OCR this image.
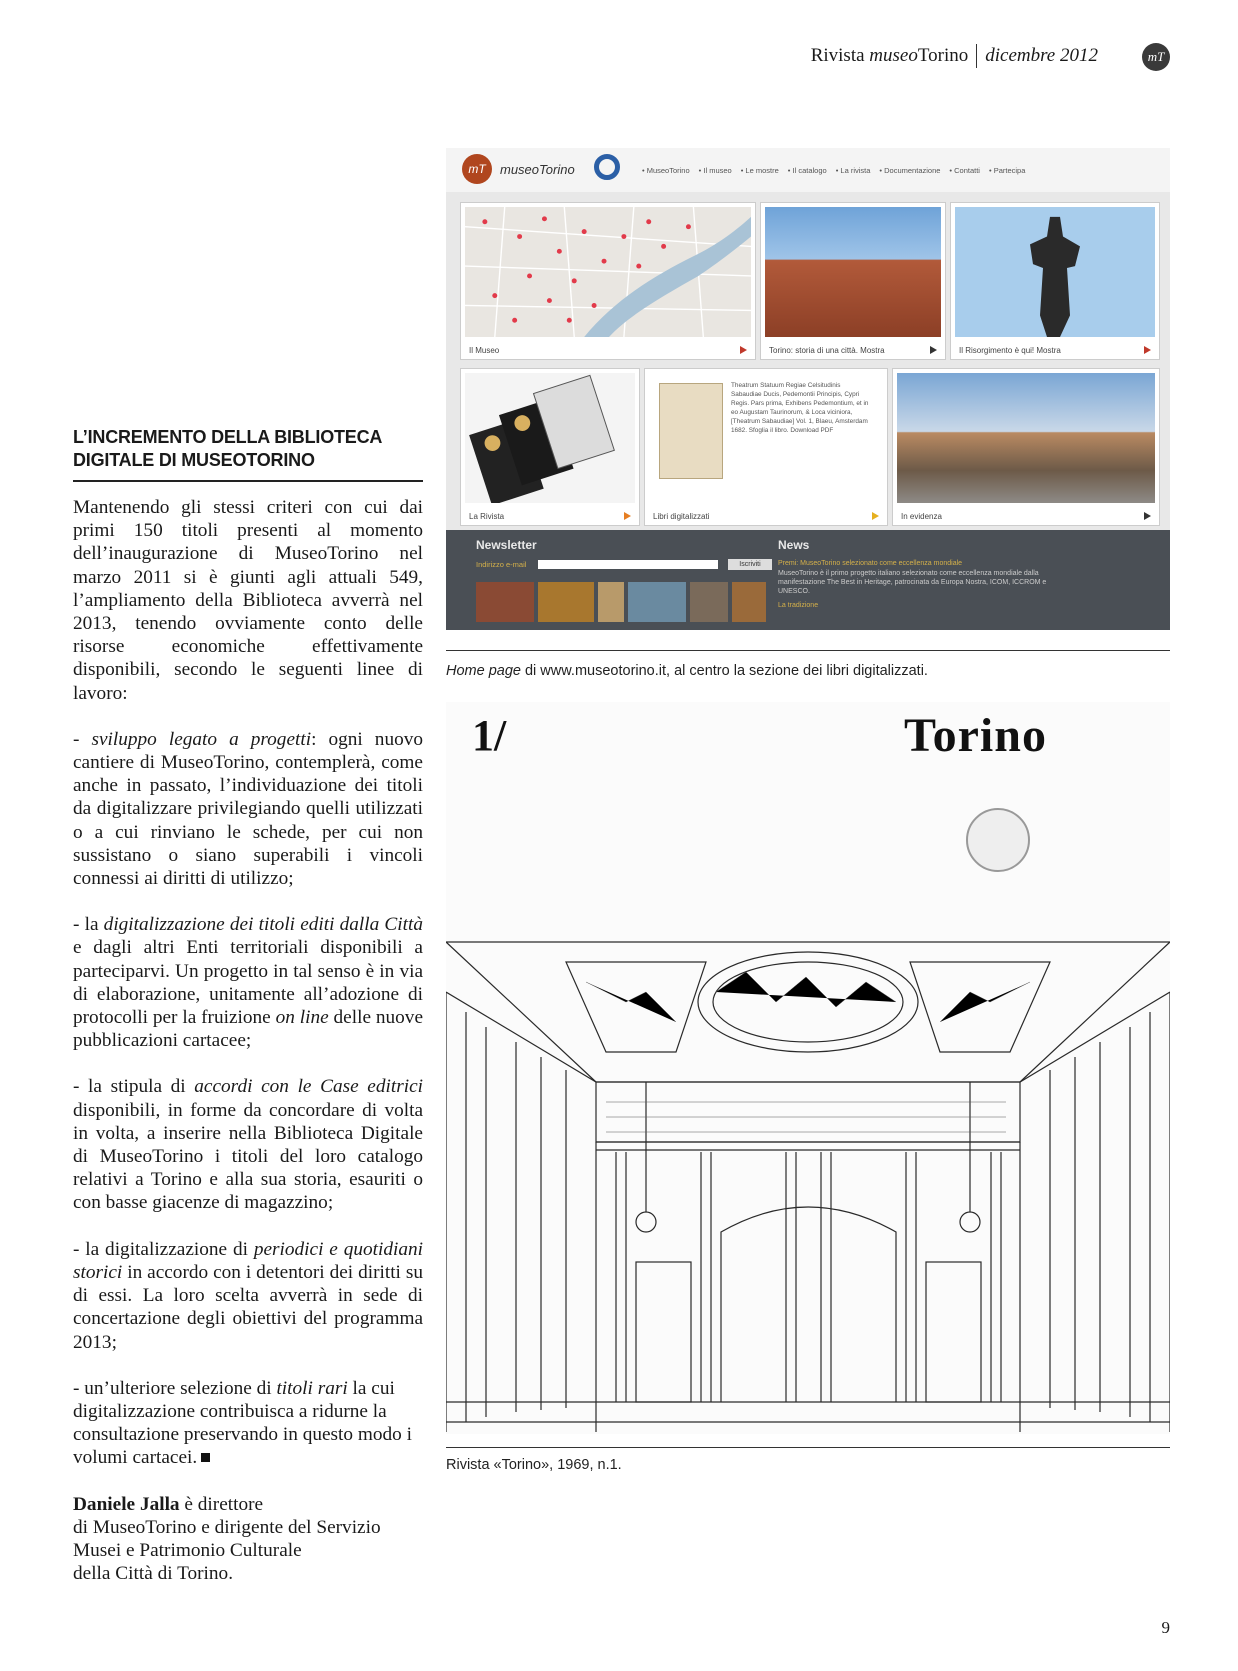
Rivista museoTorino dicembre 2012	mT
mT	museoTorino	• MuseoTorino • Il museo • Le mostre • Il catalogo • La rivista • Documentazione • Contatti • Partecipa
Il Museo	Torino: storia di una città. Mostra	Il Risorgimento è qui! Mostra
La Rivista
Theatrum Statuum Regiae Celsitudinis Sabaudiae Ducis, Pedemontii Principis, Cypri Regis. Pars prima, Exhibens Pedemontium, et in eo Augustam Taurinorum, & Loca viciniora, [Theatrum Sabaudiae] Vol. 1, Blaeu, Amsterdam 1682. Sfoglia il libro. Download PDF
Libri digitalizzati	In evidenza
Newsletter
Indirizzo e-mail	Iscriviti
News
Premi: MuseoTorino selezionato come eccellenza mondiale
MuseoTorino è il primo progetto italiano selezionato come eccellenza mondiale dalla
manifestazione The Best in Heritage, patrocinata da Europa Nostra, ICOM, ICCROM e
UNESCO.
La tradizione
Home page di www.museotorino.it, al centro la sezione dei libri digitalizzati.
1/	Torino
Rivista «Torino», 1969, n.1.
L’INCREMENTO DELLA BIBLIOTECA
DIGITALE DI MUSEOTORINO

Mantenendo gli stessi criteri con cui dai primi 150 titoli presenti al momento dell’inaugurazione di MuseoTorino nel marzo 2011 si è giunti agli attuali 549, l’ampliamento della Biblioteca avverrà nel 2013, tenendo ovviamente conto delle risorse economiche effettivamente disponibili, secondo le seguenti linee di lavoro:

- sviluppo legato a progetti: ogni nuovo cantiere di MuseoTorino, contemplerà, come anche in passato, l’individuazione dei titoli da digitalizzare privilegiando quelli utilizzati o a cui rinviano le schede, per cui non sussistano o siano superabili i vincoli connessi ai diritti di utilizzo;

- la digitalizzazione dei titoli editi dalla Città e dagli altri Enti territoriali disponibili a parteciparvi. Un progetto in tal senso è in via di elaborazione, unitamente all’adozione di protocolli per la fruizione on line delle nuove pubblicazioni cartacee;

- la stipula di accordi con le Case editrici disponibili, in forme da concordare di volta in volta, a inserire nella Biblioteca Digitale di MuseoTorino i titoli del loro catalogo relativi a Torino e alla sua storia, esauriti o con basse giacenze di magazzino;

- la digitalizzazione di periodici e quotidiani storici in accordo con i detentori dei diritti su di essi. La loro scelta avverrà in sede di concertazione degli obiettivi del programma 2013;

- un’ulteriore selezione di titoli rari la cui digitalizzazione contribuisca a ridurne la consultazione preservando in questo modo i volumi cartacei.

Daniele Jalla è direttore
di MuseoTorino e dirigente del Servizio
Musei e Patrimonio Culturale
della Città di Torino.

9
